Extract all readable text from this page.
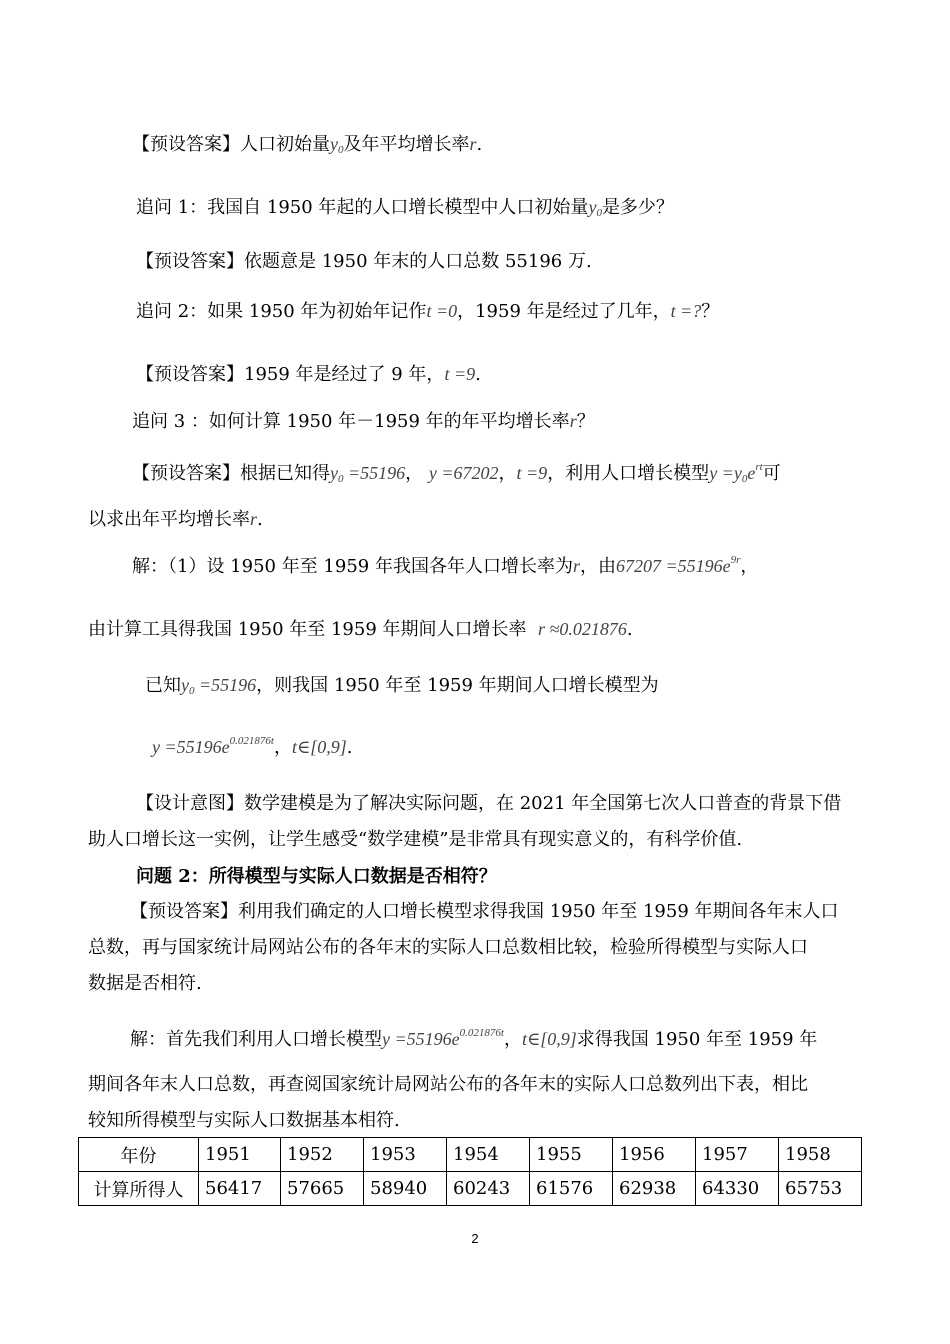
【预设答案】人口初始量$y_0$及年平均增长率r.
追问 1：我国自 1950 年起的人口增长模型中人口初始量$y_0$是多少？
【预设答案】依题意是 1950 年末的人口总数 55196 万.
追问 2：如果 1950 年为初始年记作t =0，1959 年是经过了几年，t =?？
【预设答案】1959 年是经过了 9 年，t =9.
追问 3 ：如何计算 1950 年－1959 年的年平均增长率r？
【预设答案】根据已知得$y_0 =55196$， y =67202，t =9，利用人口增长模型$y =y_0e^{rt}$可
以求出年平均增长率r.
解：（1）设 1950 年至 1959 年我国各年人口增长率为r，由$67207 =55196e^{9r}$，
由计算工具得我国 1950 年至 1959 年期间人口增长率 r ≈0.021876.
已知$y_0 =55196$，则我国 1950 年至 1959 年期间人口增长模型为
$y =55196e^{0.021876t}$，t∈[0,9].
【设计意图】数学建模是为了解决实际问题，在 2021 年全国第七次人口普查的背景下借
助人口增长这一实例，让学生感受“数学建模”是非常具有现实意义的，有科学价值.
问题 2：所得模型与实际人口数据是否相符？
【预设答案】利用我们确定的人口增长模型求得我国 1950 年至 1959 年期间各年末人口
总数，再与国家统计局网站公布的各年末的实际人口总数相比较，检验所得模型与实际人口
数据是否相符.
解：首先我们利用人口增长模型$y =55196e^{0.021876t}$，t∈[0,9]求得我国 1950 年至 1959 年
期间各年末人口总数，再查阅国家统计局网站公布的各年末的实际人口总数列出下表，相比
较知所得模型与实际人口数据基本相符.
年份	1951	1952	1953	1954	1955	1956	1957	1958
计算所得人	56417	57665	58940	60243	61576	62938	64330	65753
2
